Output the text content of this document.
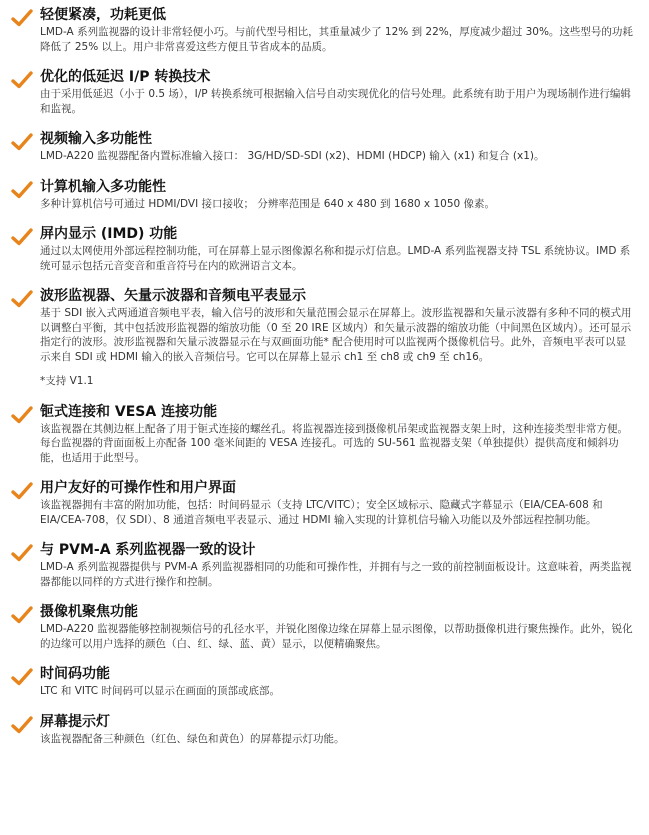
轻便紧凑，功耗更低

LMD-A 系列监视器的设计非常轻便小巧。与前代型号相比，其重量减少了 12% 到 22%，厚度减少超过 30%。这些型号的功耗降低了 25% 以上。用户非常喜爱这些方便且节省成本的品质。

优化的低延迟 I/P 转换技术

由于采用低延迟（小于 0.5 场），I/P 转换系统可根据输入信号自动实现优化的信号处理。此系统有助于用户为现场制作进行编辑和监视。

视频输入多功能性

LMD-A220 监视器配备内置标准输入接口： 3G/HD/SD-SDI (x2)、HDMI (HDCP) 输入 (x1) 和复合 (x1)。

计算机输入多功能性

多种计算机信号可通过 HDMI/DVI 接口接收； 分辨率范围是 640 x 480 到 1680 x 1050 像素。

屏内显示 (IMD) 功能

通过以太网使用外部远程控制功能，可在屏幕上显示图像源名称和提示灯信息。LMD-A 系列监视器支持 TSL 系统协议。IMD 系统可显示包括元音变音和重音符号在内的欧洲语言文本。

波形监视器、矢量示波器和音频电平表显示

基于 SDI 嵌入式两通道音频电平表，输入信号的波形和矢量范围会显示在屏幕上。波形监视器和矢量示波器有多种不同的模式用以调整白平衡，其中包括波形监视器的缩放功能（0 至 20 IRE 区域内）和矢量示波器的缩放功能（中间黑色区域内）。还可显示指定行的波形。波形监视器和矢量示波器显示在与双画面功能* 配合使用时可以监视两个摄像机信号。此外，音频电平表可以显示来自 SDI 或 HDMI 输入的嵌入音频信号。它可以在屏幕上显示 ch1 至 ch8 或 ch9 至 ch16。

*支持 V1.1

钷式连接和 VESA 连接功能

该监视器在其侧边框上配备了用于钷式连接的螺丝孔。将监视器连接到摄像机吊架或监视器支架上时，这种连接类型非常方便。每台监视器的背面面板上亦配备 100 毫米间距的 VESA 连接孔。可选的 SU-561 监视器支架（单独提供）提供高度和倾斜功能，也适用于此型号。

用户友好的可操作性和用户界面

该监视器拥有丰富的附加功能，包括：时间码显示（支持 LTC/VITC）；安全区域标示、隐藏式字幕显示（EIA/CEA-608 和 EIA/CEA-708，仅 SDI）、8 通道音频电平表显示、通过 HDMI 输入实现的计算机信号输入功能以及外部远程控制功能。

与 PVM-A 系列监视器一致的设计

LMD-A 系列监视器提供与 PVM-A 系列监视器相同的功能和可操作性，并拥有与之一致的前控制面板设计。这意味着，两类监视器都能以同样的方式进行操作和控制。

摄像机聚焦功能

LMD-A220 监视器能够控制视频信号的孔径水平，并锐化图像边缘在屏幕上显示图像，以帮助摄像机进行聚焦操作。此外，锐化的边缘可以用户选择的颜色（白、红、绿、蓝、黄）显示，以便精确聚焦。

时间码功能

LTC 和 VITC 时间码可以显示在画面的顶部或底部。

屏幕提示灯

该监视器配备三种颜色（红色、绿色和黄色）的屏幕提示灯功能。
